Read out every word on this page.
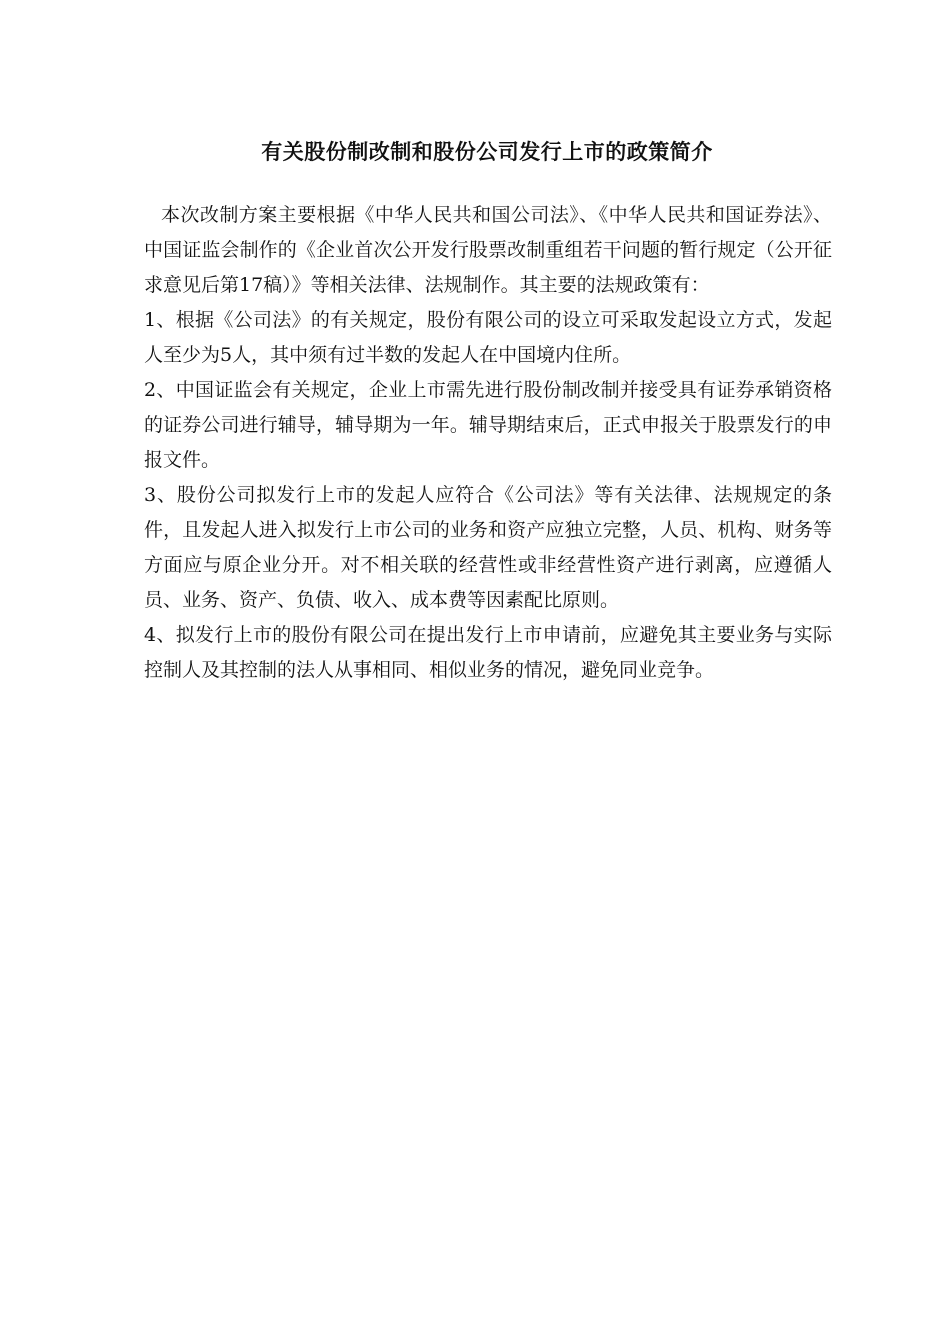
有关股份制改制和股份公司发行上市的政策简介

本次改制方案主要根据《中华人民共和国公司法》、《中华人民共和国证券法》、中国证监会制作的《企业首次公开发行股票改制重组若干问题的暂行规定（公开征求意见后第17稿）》等相关法律、法规制作。其主要的法规政策有：

1、根据《公司法》的有关规定，股份有限公司的设立可采取发起设立方式，发起人至少为5人，其中须有过半数的发起人在中国境内住所。

2、中国证监会有关规定，企业上市需先进行股份制改制并接受具有证券承销资格的证券公司进行辅导，辅导期为一年。辅导期结束后，正式申报关于股票发行的申报文件。

3、股份公司拟发行上市的发起人应符合《公司法》等有关法律、法规规定的条件，且发起人进入拟发行上市公司的业务和资产应独立完整，人员、机构、财务等方面应与原企业分开。对不相关联的经营性或非经营性资产进行剥离，应遵循人员、业务、资产、负债、收入、成本费等因素配比原则。

4、拟发行上市的股份有限公司在提出发行上市申请前，应避免其主要业务与实际控制人及其控制的法人从事相同、相似业务的情况，避免同业竞争。
